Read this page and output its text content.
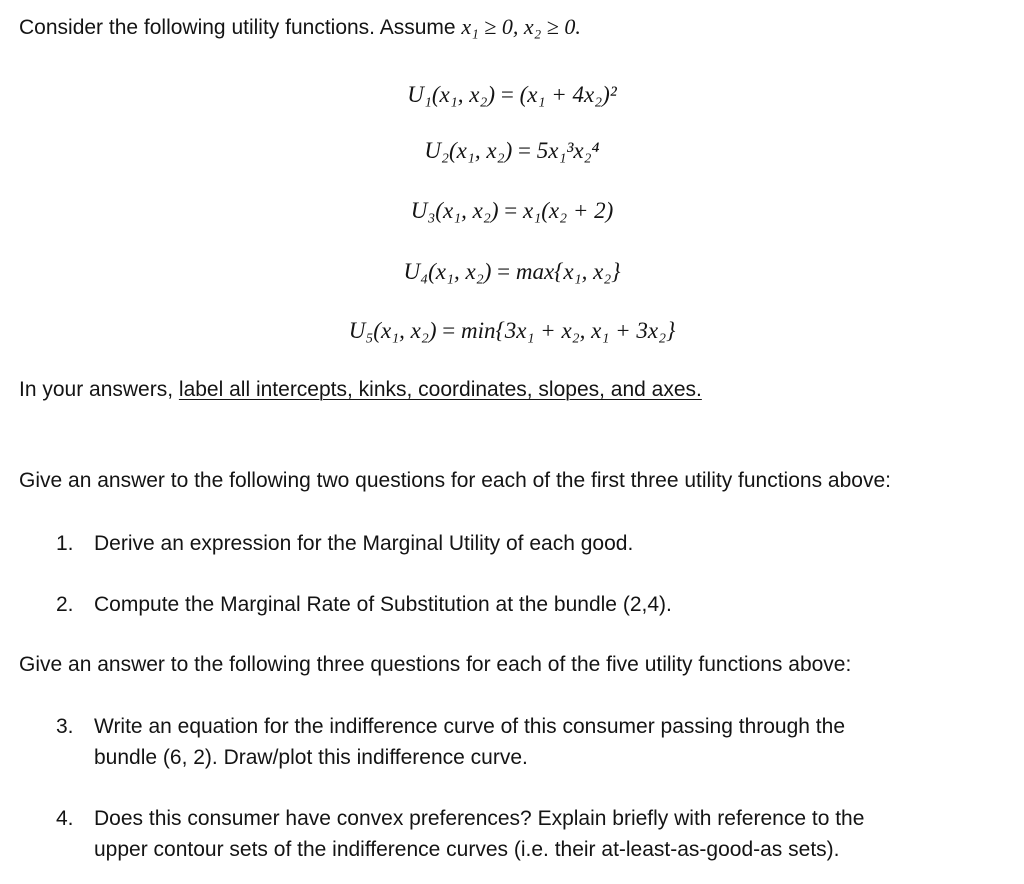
Consider the following utility functions. Assume x₁ ≥ 0, x₂ ≥ 0.
U₁(x₁, x₂) = (x₁ + 4x₂)²
U₂(x₁, x₂) = 5x₁³x₂⁴
U₃(x₁, x₂) = x₁(x₂ + 2)
U₄(x₁, x₂) = max{x₁, x₂}
U₅(x₁, x₂) = min{3x₁ + x₂, x₁ + 3x₂}
In your answers, label all intercepts, kinks, coordinates, slopes, and axes.
Give an answer to the following two questions for each of the first three utility functions above:
1. Derive an expression for the Marginal Utility of each good.
2. Compute the Marginal Rate of Substitution at the bundle (2,4).
Give an answer to the following three questions for each of the five utility functions above:
3. Write an equation for the indifference curve of this consumer passing through the
bundle (6, 2). Draw/plot this indifference curve.
4. Does this consumer have convex preferences? Explain briefly with reference to the
upper contour sets of the indifference curves (i.e. their at-least-as-good-as sets).
